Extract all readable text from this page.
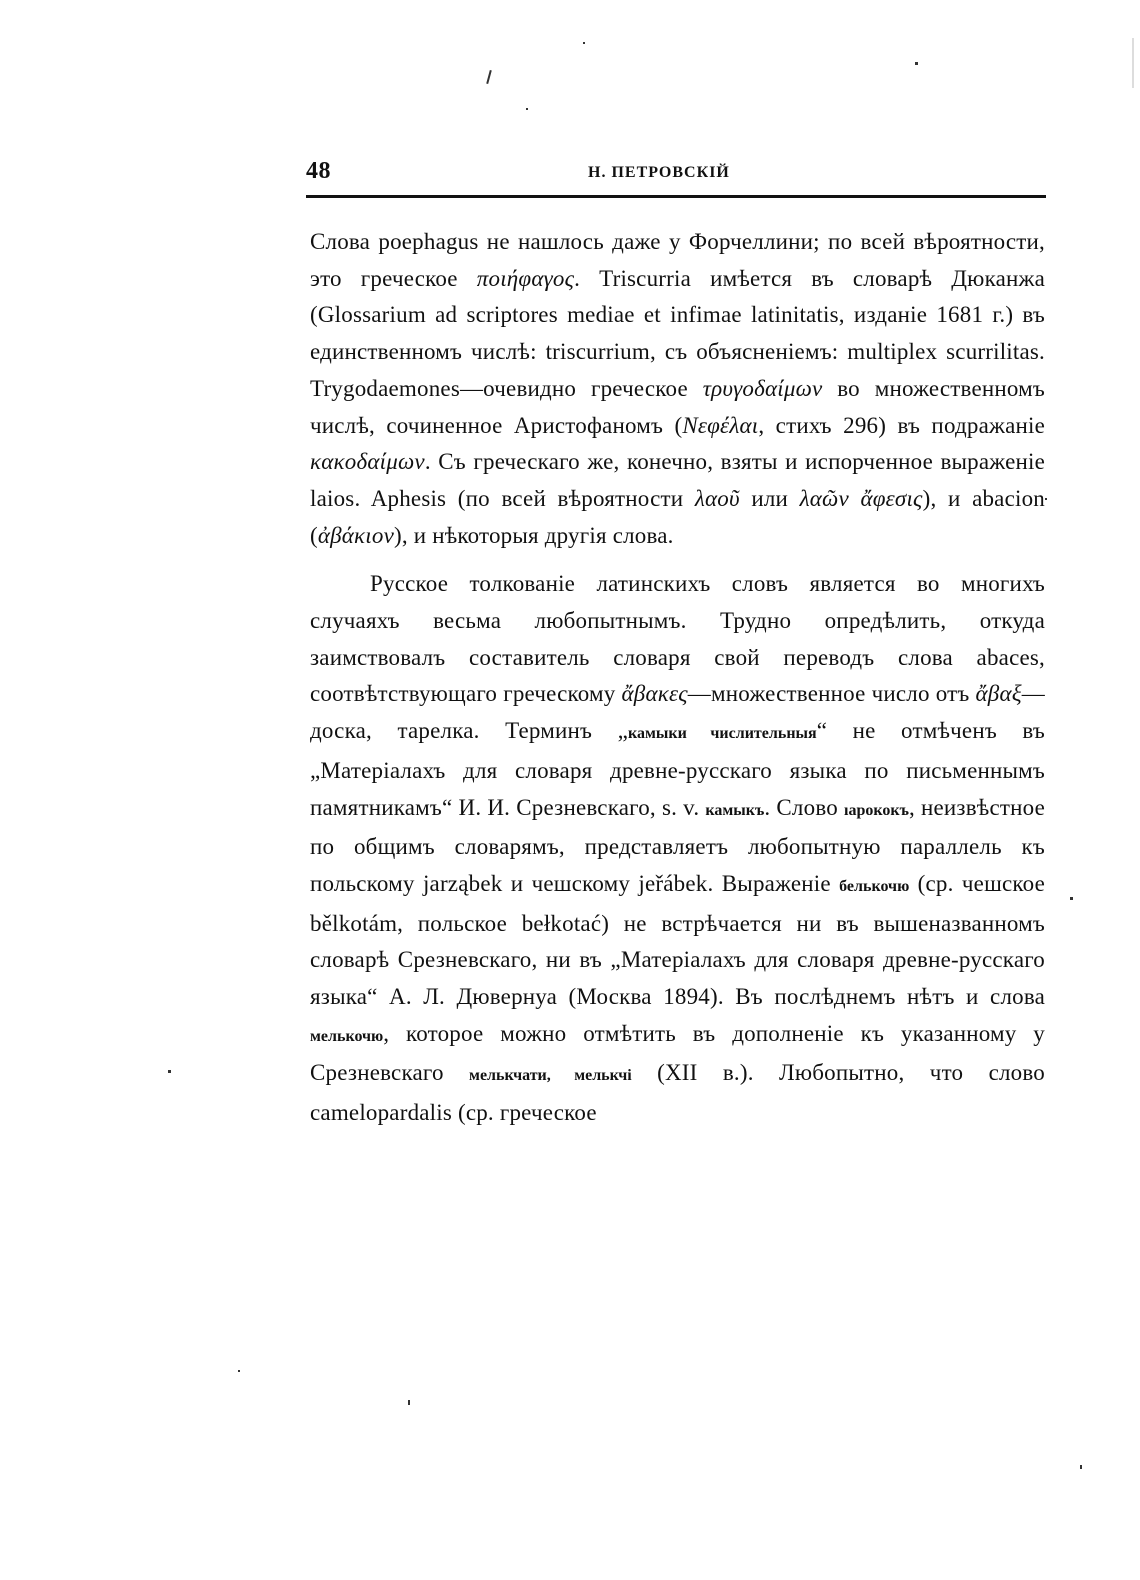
48	Н. ПЕТРОВСКІЙ

Слова poephagus не нашлось даже у Форчеллини; по всей вѣроятности, это греческое ποιήφαγος. Triscurria имѣется въ словарѣ Дюканжа (Glossarium ad scriptores mediae et infimae latinitatis, изданіе 1681 г.) въ единственномъ числѣ: triscurrium, съ объясненіемъ: multiplex scurrilitas. Trygodaemones—очевидно греческое τρυγοδαίμων во множественномъ числѣ, сочиненное Аристофаномъ (Νεφέλαι, стихъ 296) въ подражаніе κακοδαίμων. Съ греческаго же, конечно, взяты и испорченное выраженіе laios. Aphesis (по всей вѣроятности λαοῦ или λαῶν ἄφεσις), и abacion (ἀβάκιον), и нѣкоторыя другія слова.

Русское толкованіе латинскихъ словъ является во многихъ случаяхъ весьма любопытнымъ. Трудно опредѣлить, откуда заимствовалъ составитель словаря свой переводъ слова abaces, соотвѣтствующаго греческому ἄβακες—множественное число отъ ἄβαξ—доска, тарелка. Терминъ „камыки числительныя“ не отмѣченъ въ „Матеріалахъ для словаря древне-русскаго языка по письменнымъ памятникамъ“ И. И. Срезневскаго, s. v. камыкъ. Слово ıарококъ, неизвѣстное по общимъ словарямъ, представляетъ любопытную параллель къ польскому jarząbek и чешскому jeřábek. Выраженіе белькочю (ср. чешское bělkotám, польское bełkotać) не встрѣчается ни въ вышеназванномъ словарѣ Срезневскаго, ни въ „Матеріалахъ для словаря древне-русскаго языка“ А. Л. Дювернуа (Москва 1894). Въ послѣднемъ нѣтъ и слова мелькочю, которое можно отмѣтить въ дополненіе къ указанному у Срезневскаго мелькчати, мелькчі (XII в.). Любопытно, что слово camelopardalis (ср. греческое
